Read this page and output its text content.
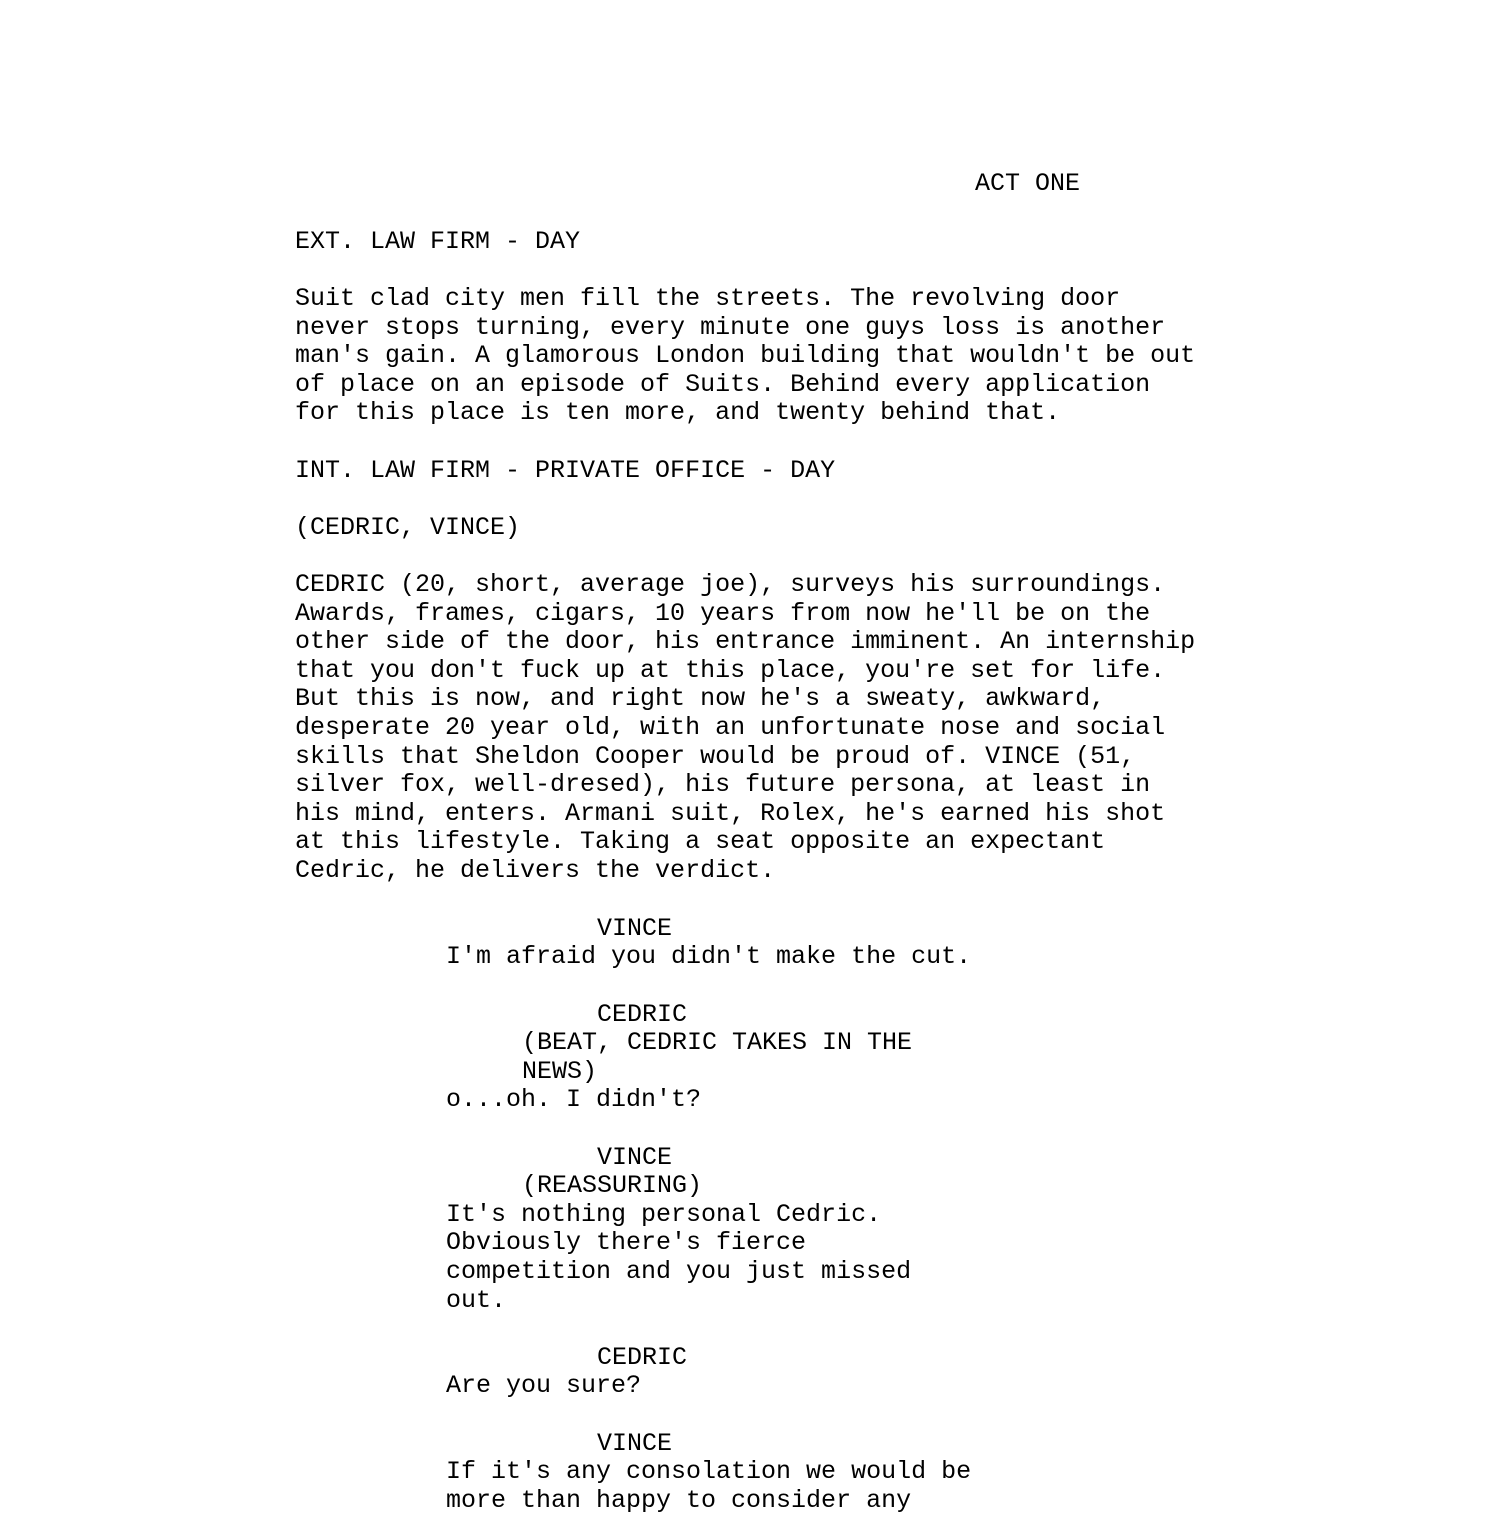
ACT ONE
EXT. LAW FIRM - DAY
Suit clad city men fill the streets. The revolving door
never stops turning, every minute one guys loss is another
man's gain. A glamorous London building that wouldn't be out
of place on an episode of Suits. Behind every application
for this place is ten more, and twenty behind that.
INT. LAW FIRM - PRIVATE OFFICE - DAY
(CEDRIC, VINCE)
CEDRIC (20, short, average joe), surveys his surroundings.
Awards, frames, cigars, 10 years from now he'll be on the
other side of the door, his entrance imminent. An internship
that you don't fuck up at this place, you're set for life.
But this is now, and right now he's a sweaty, awkward,
desperate 20 year old, with an unfortunate nose and social
skills that Sheldon Cooper would be proud of. VINCE (51,
silver fox, well-dresed), his future persona, at least in
his mind, enters. Armani suit, Rolex, he's earned his shot
at this lifestyle. Taking a seat opposite an expectant
Cedric, he delivers the verdict.
VINCE
I'm afraid you didn't make the cut.
CEDRIC
(BEAT, CEDRIC TAKES IN THE
NEWS)
o...oh. I didn't?
VINCE
(REASSURING)
It's nothing personal Cedric.
Obviously there's fierce
competition and you just missed
out.
CEDRIC
Are you sure?
VINCE
If it's any consolation we would be
more than happy to consider any
